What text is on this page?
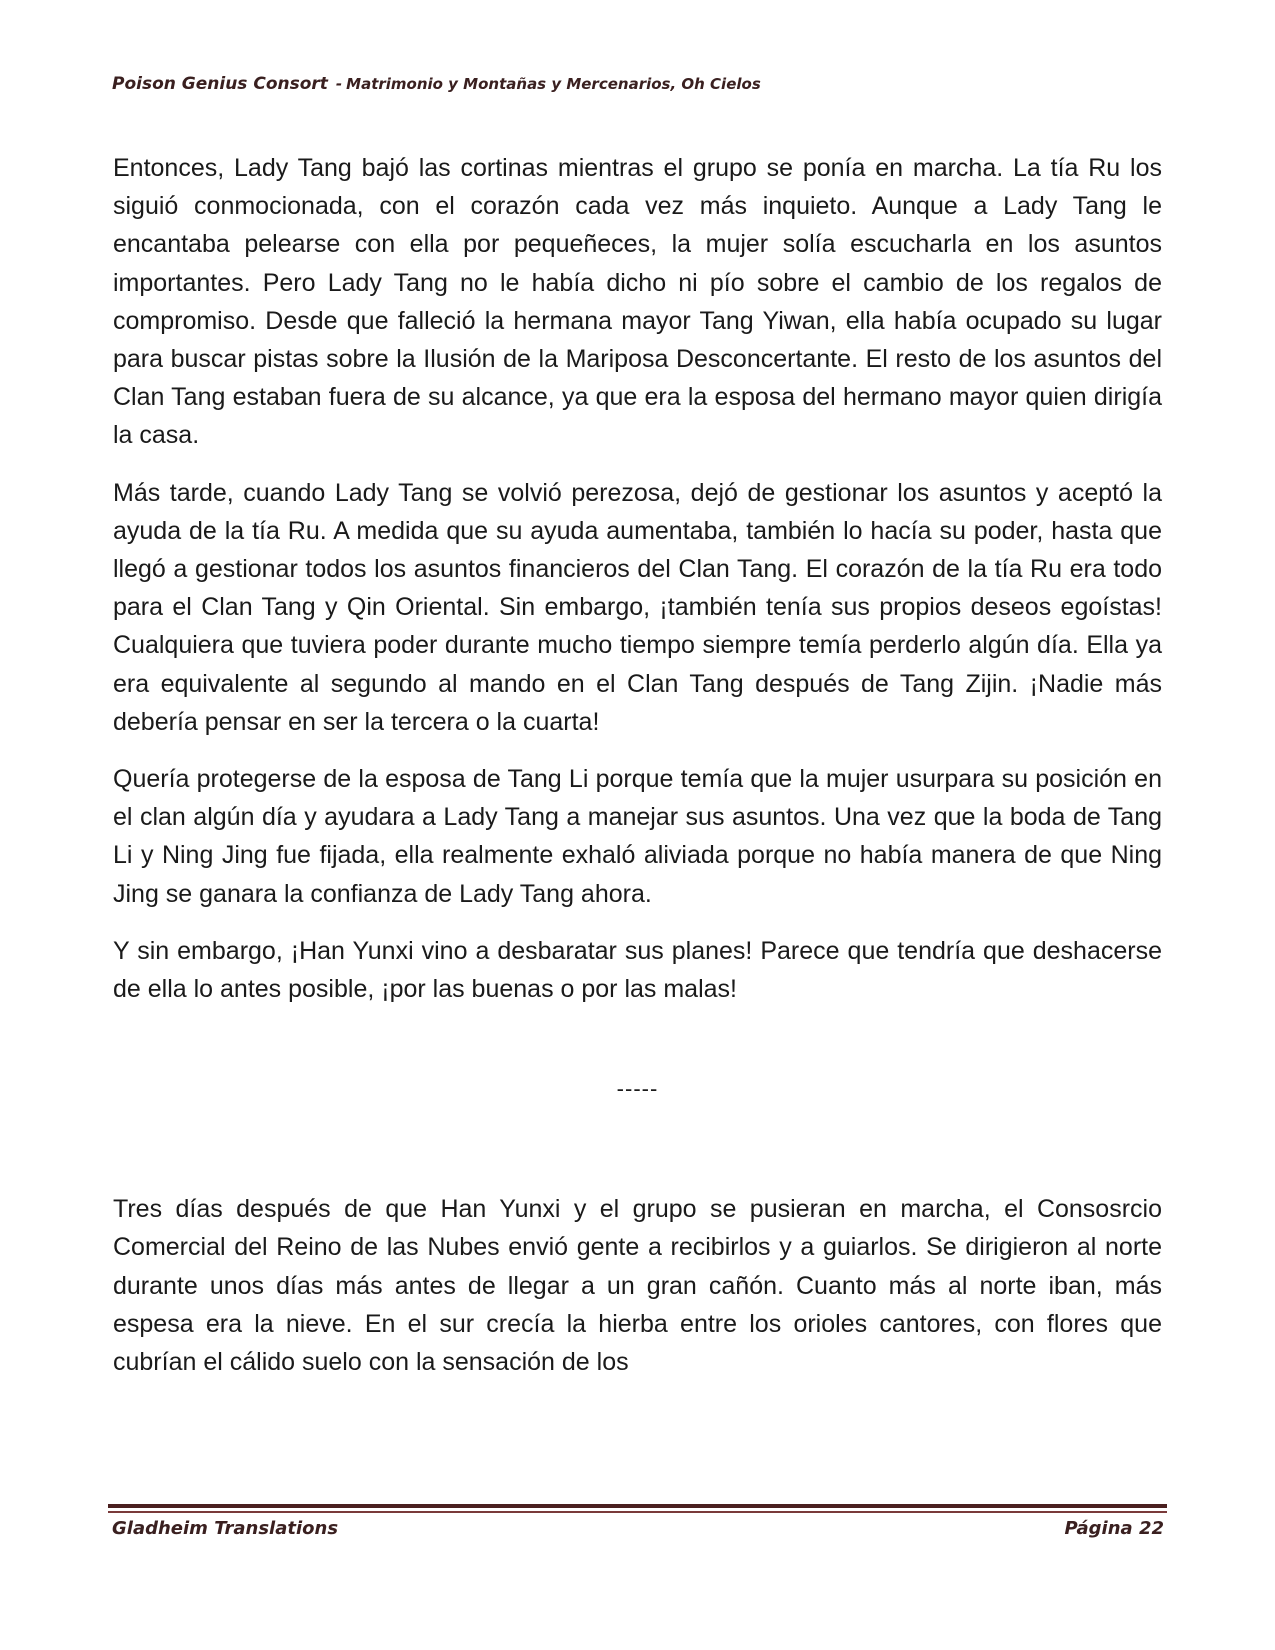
Poison Genius Consort - Matrimonio y Montañas y Mercenarios, Oh Cielos

Entonces, Lady Tang bajó las cortinas mientras el grupo se ponía en marcha. La tía Ru los siguió conmocionada, con el corazón cada vez más inquieto. Aunque a Lady Tang le encantaba pelearse con ella por pequeñeces, la mujer solía escucharla en los asuntos importantes. Pero Lady Tang no le había dicho ni pío sobre el cambio de los regalos de compromiso. Desde que falleció la hermana mayor Tang Yiwan, ella había ocupado su lugar para buscar pistas sobre la Ilusión de la Mariposa Desconcertante. El resto de los asuntos del Clan Tang estaban fuera de su alcance, ya que era la esposa del hermano mayor quien dirigía la casa.

Más tarde, cuando Lady Tang se volvió perezosa, dejó de gestionar los asuntos y aceptó la ayuda de la tía Ru. A medida que su ayuda aumentaba, también lo hacía su poder, hasta que llegó a gestionar todos los asuntos financieros del Clan Tang. El corazón de la tía Ru era todo para el Clan Tang y Qin Oriental. Sin embargo, ¡también tenía sus propios deseos egoístas! Cualquiera que tuviera poder durante mucho tiempo siempre temía perderlo algún día. Ella ya era equivalente al segundo al mando en el Clan Tang después de Tang Zijin. ¡Nadie más debería pensar en ser la tercera o la cuarta!

Quería protegerse de la esposa de Tang Li porque temía que la mujer usurpara su posición en el clan algún día y ayudara a Lady Tang a manejar sus asuntos. Una vez que la boda de Tang Li y Ning Jing fue fijada, ella realmente exhaló aliviada porque no había manera de que Ning Jing se ganara la confianza de Lady Tang ahora.

Y sin embargo, ¡Han Yunxi vino a desbaratar sus planes! Parece que tendría que deshacerse de ella lo antes posible, ¡por las buenas o por las malas!

-----

Tres días después de que Han Yunxi y el grupo se pusieran en marcha, el Consosrcio Comercial del Reino de las Nubes envió gente a recibirlos y a guiarlos. Se dirigieron al norte durante unos días más antes de llegar a un gran cañón. Cuanto más al norte iban, más espesa era la nieve. En el sur crecía la hierba entre los orioles cantores, con flores que cubrían el cálido suelo con la sensación de los

Gladheim Translations	Página 22
